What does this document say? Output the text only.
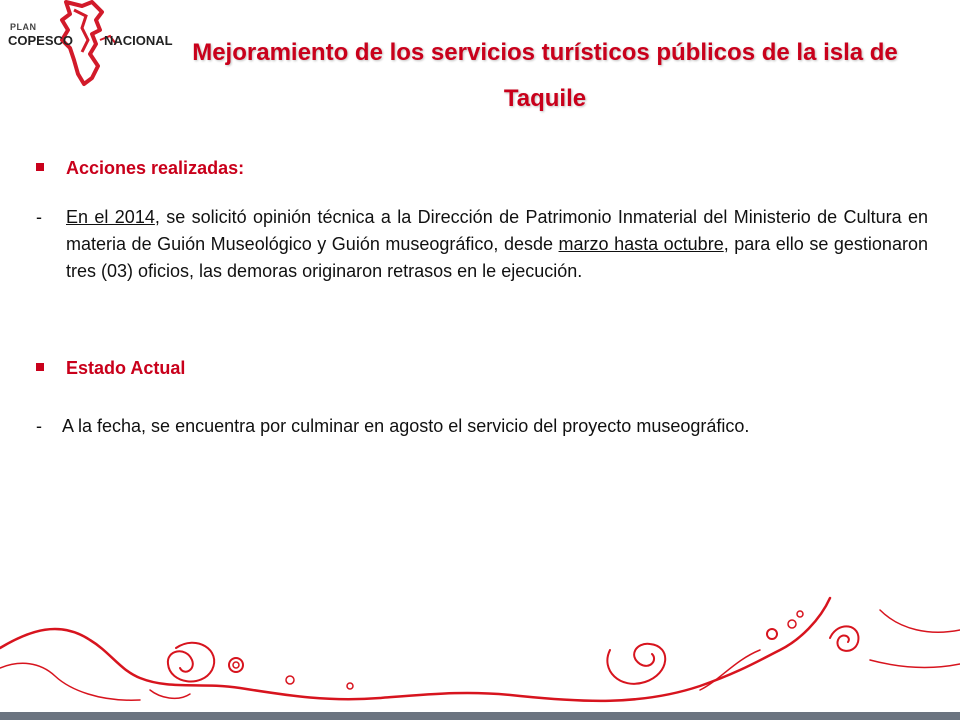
PLAN
COPESCO NACIONAL Mejoramiento de los servicios turísticos públicos de la isla de Taquile
Acciones realizadas:
-	En el 2014, se solicitó opinión técnica a la Dirección de Patrimonio Inmaterial del Ministerio de Cultura en materia de Guión Museológico y Guión museográfico, desde marzo hasta octubre, para ello se gestionaron tres (03) oficios, las demoras originaron retrasos en le ejecución.
Estado Actual
-	A la fecha, se encuentra por culminar en agosto el servicio del proyecto museográfico.
